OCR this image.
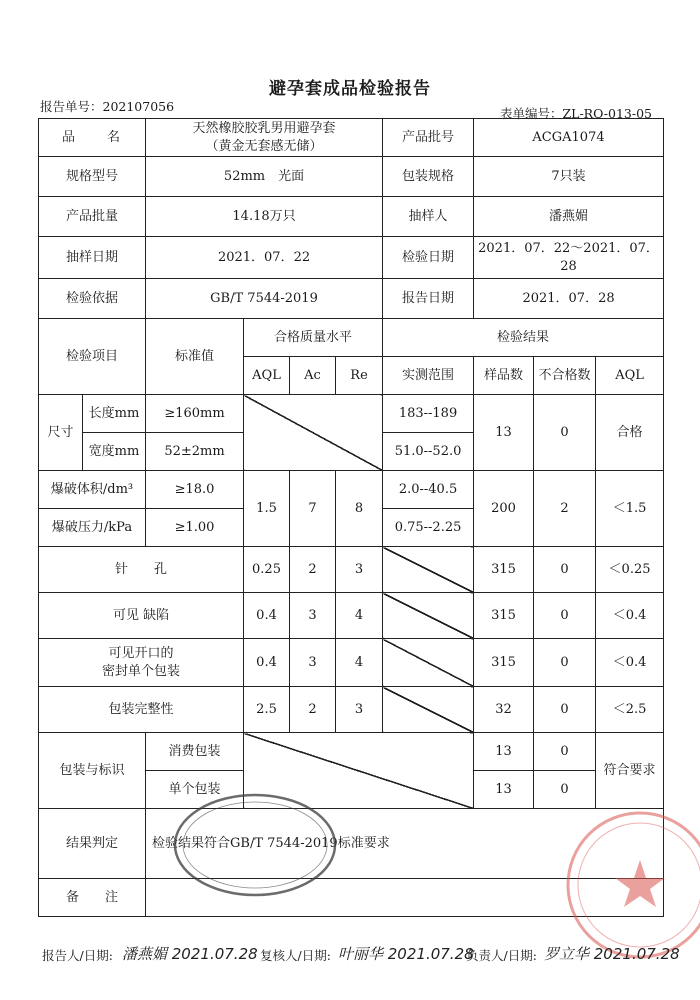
避孕套成品检验报告
报告单号：202107056	表单编号：ZL-RO-013-05
品　　名		天然橡胶胶乳男用避孕套
（黄金无套感无储）				产品批号	ACGA1074		
规格型号		52mm　光面				包装规格	7只装		
产品批量		14.18万只				抽样人	潘燕媚		
抽样日期		2021．07．22				检验日期	2021．07．22～2021．07．28		
检验依据		GB/T 7544-2019				报告日期	2021．07．28		
检验项目		标准值	合格质量水平			检验结果			
			AQL	Ac	Re	实测范围	样品数	不合格数	AQL
尺寸	长度mm	≥160mm				183--189	13	0	合格
	宽度mm	52±2mm				51.0--52.0			
爆破体积/dm³		≥18.0	1.5	7	8	2.0--40.5	200	2	＜1.5
爆破压力/kPa		≥1.00				0.75--2.25			
针　　孔			0.25	2	3		315	0	＜0.25
可见 缺陷			0.4	3	4		315	0	＜0.4

可见开口的
密封单个包装			0.4	3	4		315	0	＜0.4
包装完整性			2.5	2	3		32	0	＜2.5
包装与标识		消费包装					13	0	符合要求
		单个包装					13	0	
结果判定		检验结果符合GB/T 7544-2019标准要求							
备　　注									
报告人/日期: 潘燕媚 2021.07.28 复核人/日期: 叶丽华 2021.07.28
负责人/日期: 罗立华 2021.07.28
